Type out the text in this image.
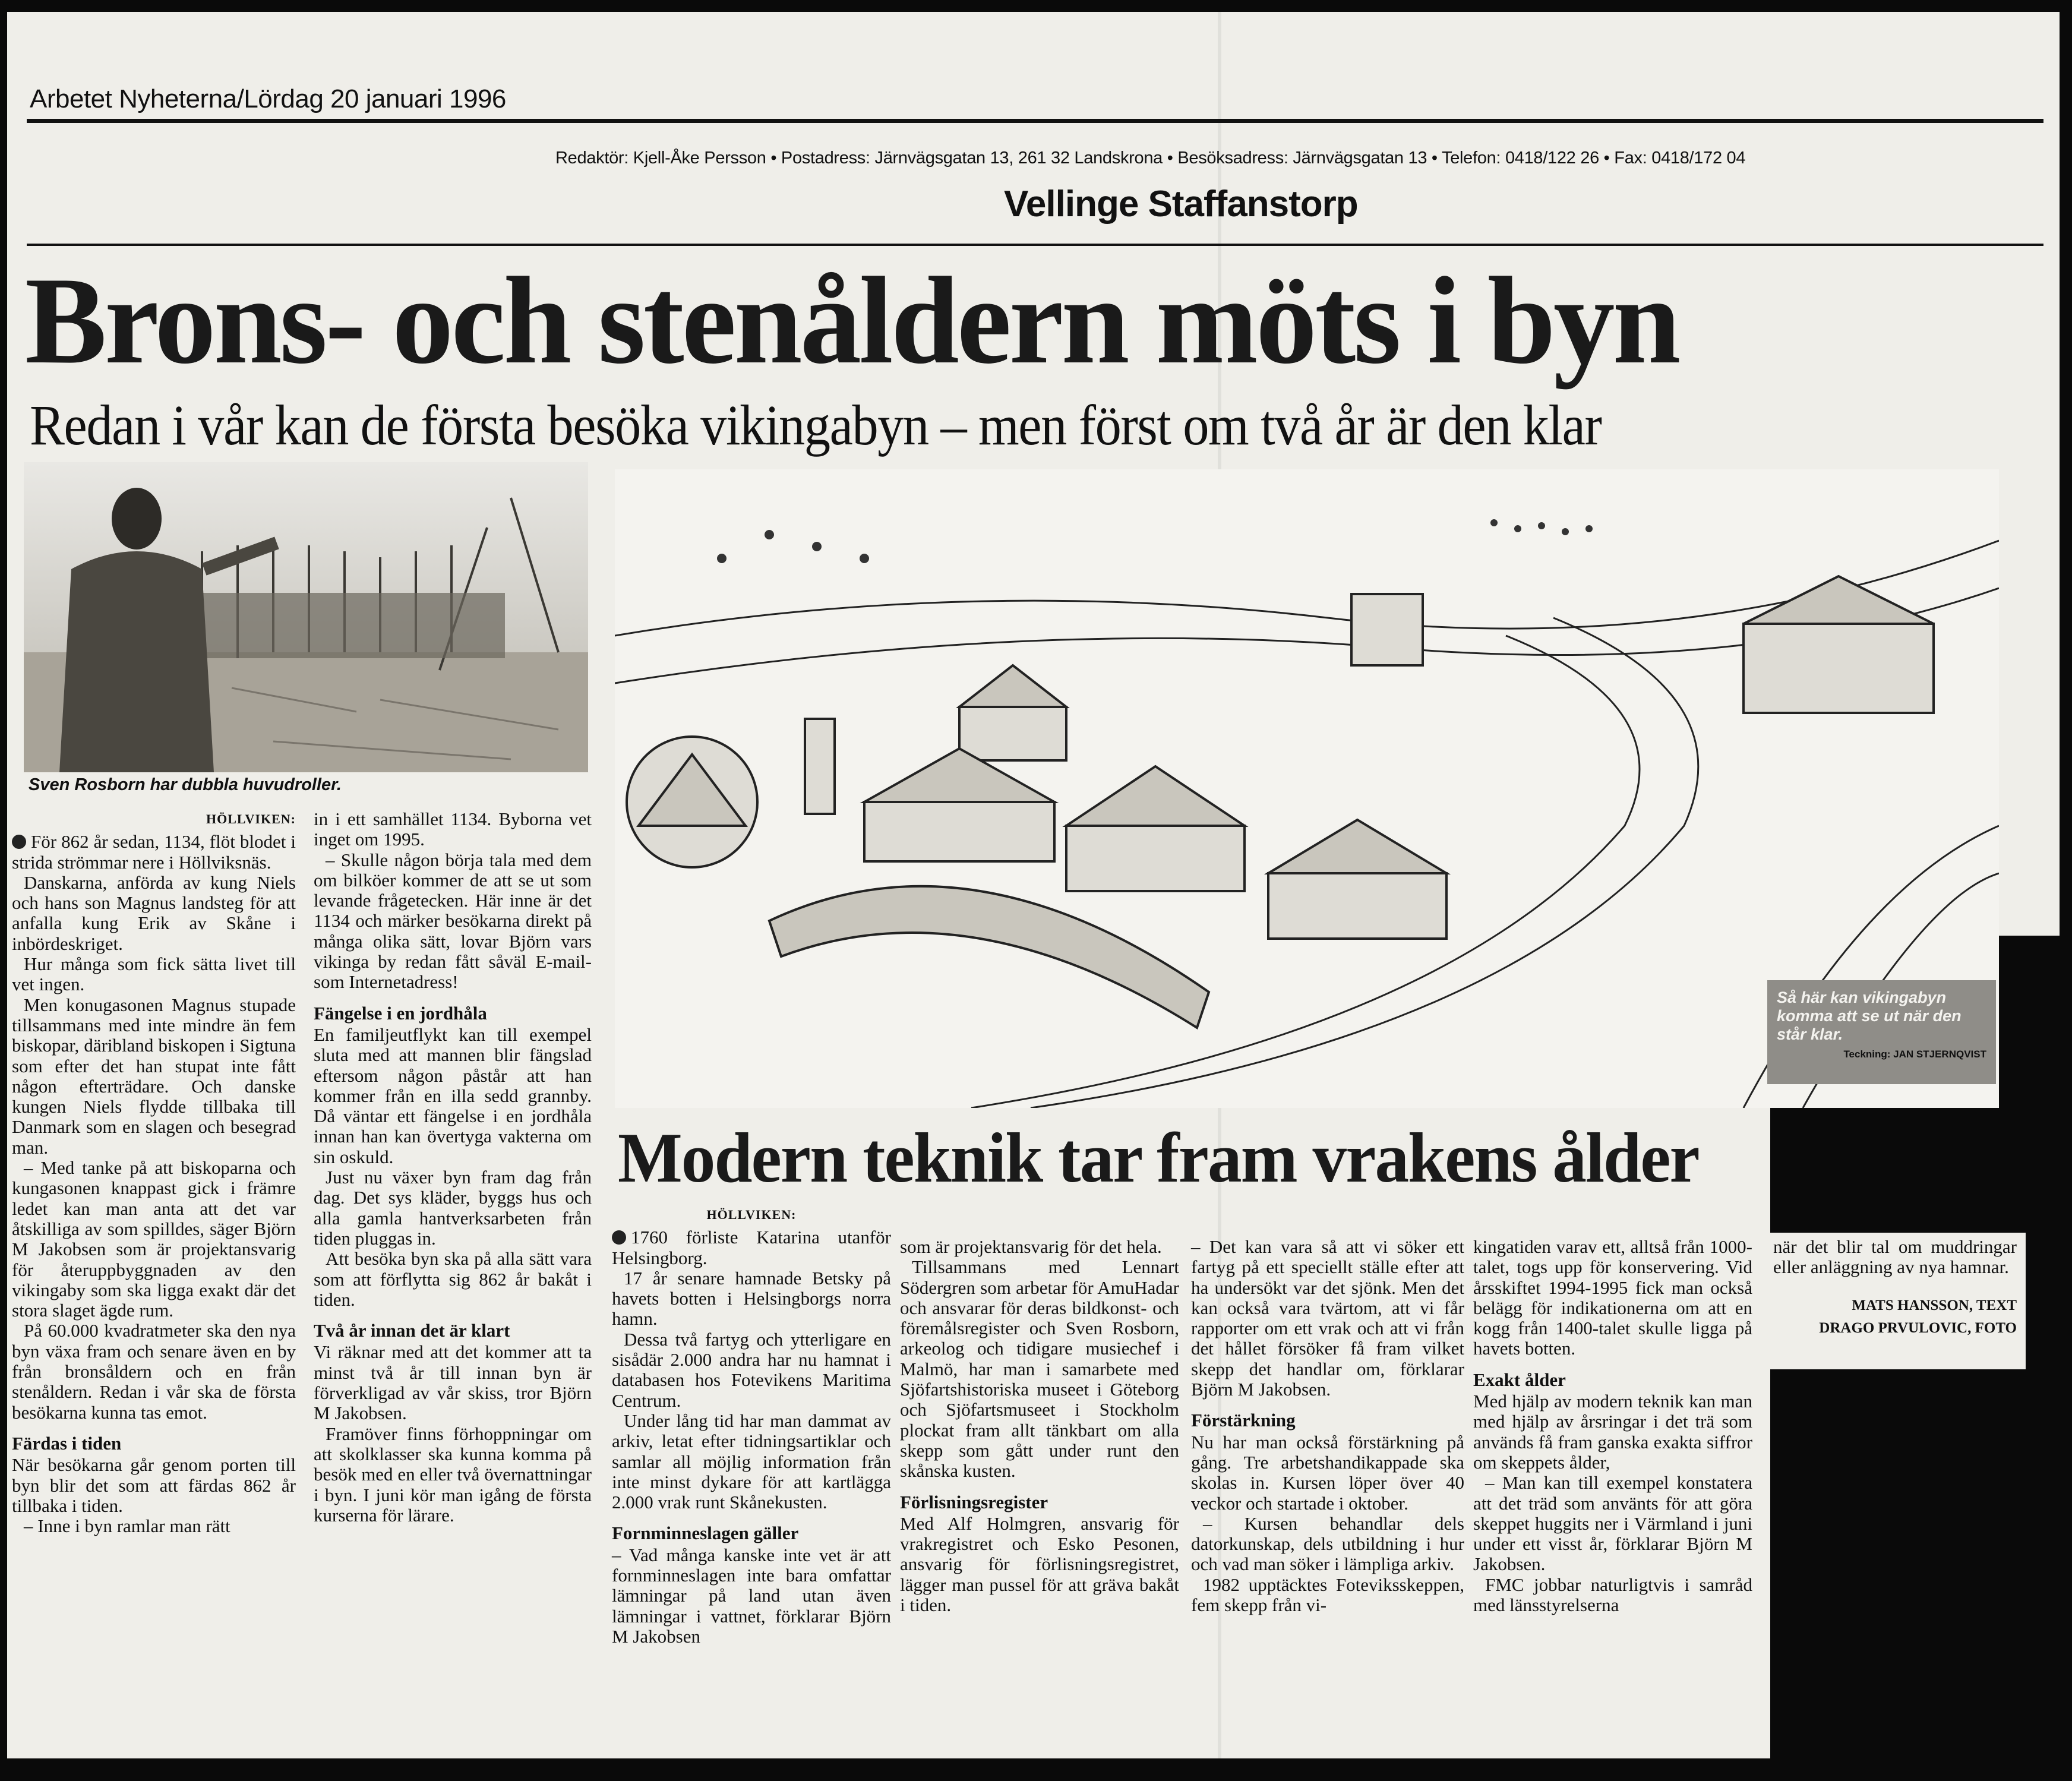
Arbetet Nyheterna/Lördag 20 januari 1996
Redaktör: Kjell-Åke Persson • Postadress: Järnvägsgatan 13, 261 32 Landskrona • Besöksadress: Järnvägsgatan 13 • Telefon: 0418/122 26 • Fax: 0418/172 04
Vellinge Staffanstorp
Brons- och stenåldern möts i byn
Redan i vår kan de första besöka vikingabyn – men först om två år är den klar
Sven Rosborn har dubbla huvudroller.
Så här kan vikingabyn
komma att se ut när den
står klar.
Teckning: JAN STJERNQVIST
HÖLLVIKEN:

För 862 år sedan, 1134, flöt blodet i strida strömmar nere i Höllviksnäs.

Danskarna, anförda av kung Niels och hans son Magnus landsteg för att anfalla kung Erik av Skåne i inbördeskriget.

Hur många som fick sätta livet till vet ingen.

Men konugasonen Magnus stupade tillsammans med inte mindre än fem biskopar, däribland biskopen i Sigtuna som efter det han stupat inte fått någon efterträdare. Och danske kungen Niels flydde tillbaka till Danmark som en slagen och besegrad man.

– Med tanke på att biskoparna och kungasonen knappast gick i främre ledet kan man anta att det var åtskilliga av som spilldes, säger Björn M Jakobsen som är projektansvarig för återuppbyggnaden av den vikingaby som ska ligga exakt där det stora slaget ägde rum.

På 60.000 kvadratmeter ska den nya byn växa fram och senare även en by från bronsåldern och en från stenåldern. Redan i vår ska de första besökarna kunna tas emot.

Färdas i tiden

När besökarna går genom porten till byn blir det som att färdas 862 år tillbaka i tiden.

– Inne i byn ramlar man rätt

in i ett samhället 1134. Byborna vet inget om 1995.

– Skulle någon börja tala med dem om bilköer kommer de att se ut som levande frågetecken. Här inne är det 1134 och märker besökarna direkt på många olika sätt, lovar Björn vars vikinga by redan fått såväl E-mail- som Internetadress!

Fängelse i en jordhåla

En familjeutflykt kan till exempel sluta med att mannen blir fängslad eftersom någon påstår att han kommer från en illa sedd grannby. Då väntar ett fängelse i en jordhåla innan han kan övertyga vakterna om sin oskuld.

Just nu växer byn fram dag från dag. Det sys kläder, byggs hus och alla gamla hantverksarbeten från tiden pluggas in.

Att besöka byn ska på alla sätt vara som att förflytta sig 862 år bakåt i tiden.

Två år innan det är klart

Vi räknar med att det kommer att ta minst två år till innan byn är förverkligad av vår skiss, tror Björn M Jakobsen.

Framöver finns förhoppningar om att skolklasser ska kunna komma på besök med en eller två övernattningar i byn. I juni kör man igång de första kurserna för lärare.

Modern teknik tar fram vrakens ålder
HÖLLVIKEN:

1760 förliste Katarina utanför Helsingborg.

17 år senare hamnade Betsky på havets botten i Helsingborgs norra hamn.

Dessa två fartyg och ytterligare en sisådär 2.000 andra har nu hamnat i databasen hos Fotevikens Maritima Centrum.

Under lång tid har man dammat av arkiv, letat efter tidningsartiklar och samlar all möjlig information från inte minst dykare för att kartlägga 2.000 vrak runt Skånekusten.

Fornminneslagen gäller

– Vad många kanske inte vet är att fornminneslagen inte bara omfattar lämningar på land utan även lämningar i vattnet, förklarar Björn M Jakobsen

som är projektansvarig för det hela.

Tillsammans med Lennart Södergren som arbetar för AmuHadar och ansvarar för deras bildkonst- och föremålsregister och Sven Rosborn, arkeolog och tidigare musiechef i Malmö, har man i samarbete med Sjöfartshistoriska museet i Göteborg och Sjöfartsmuseet i Stockholm plockat fram allt tänkbart om alla skepp som gått under runt den skånska kusten.

Förlisningsregister

Med Alf Holmgren, ansvarig för vrakregistret och Esko Pesonen, ansvarig för förlisningsregistret, lägger man pussel för att gräva bakåt i tiden.

– Det kan vara så att vi söker ett fartyg på ett speciellt ställe efter att ha undersökt var det sjönk. Men det kan också vara tvärtom, att vi får rapporter om ett vrak och att vi från det hållet försöker få fram vilket skepp det handlar om, förklarar Björn M Jakobsen.

Förstärkning

Nu har man också förstärkning på gång. Tre arbetshandikappade ska skolas in. Kursen löper över 40 veckor och startade i oktober.

– Kursen behandlar dels datorkunskap, dels utbildning i hur och vad man söker i lämpliga arkiv.

1982 upptäcktes Foteviksskeppen, fem skepp från vi-

kingatiden varav ett, alltså från 1000-talet, togs upp för konservering. Vid årsskiftet 1994-1995 fick man också belägg för indikationerna om att en kogg från 1400-talet skulle ligga på havets botten.

Exakt ålder

Med hjälp av modern teknik kan man med hjälp av årsringar i det trä som används få fram ganska exakta siffror om skeppets ålder,

– Man kan till exempel konstatera att det träd som använts för att göra skeppet huggits ner i Värmland i juni under ett visst år, förklarar Björn M Jakobsen.

FMC jobbar naturligtvis i samråd med länsstyrelserna

när det blir tal om muddringar eller anläggning av nya hamnar.

MATS HANSSON, TEXT
DRAGO PRVULOVIC, FOTO
